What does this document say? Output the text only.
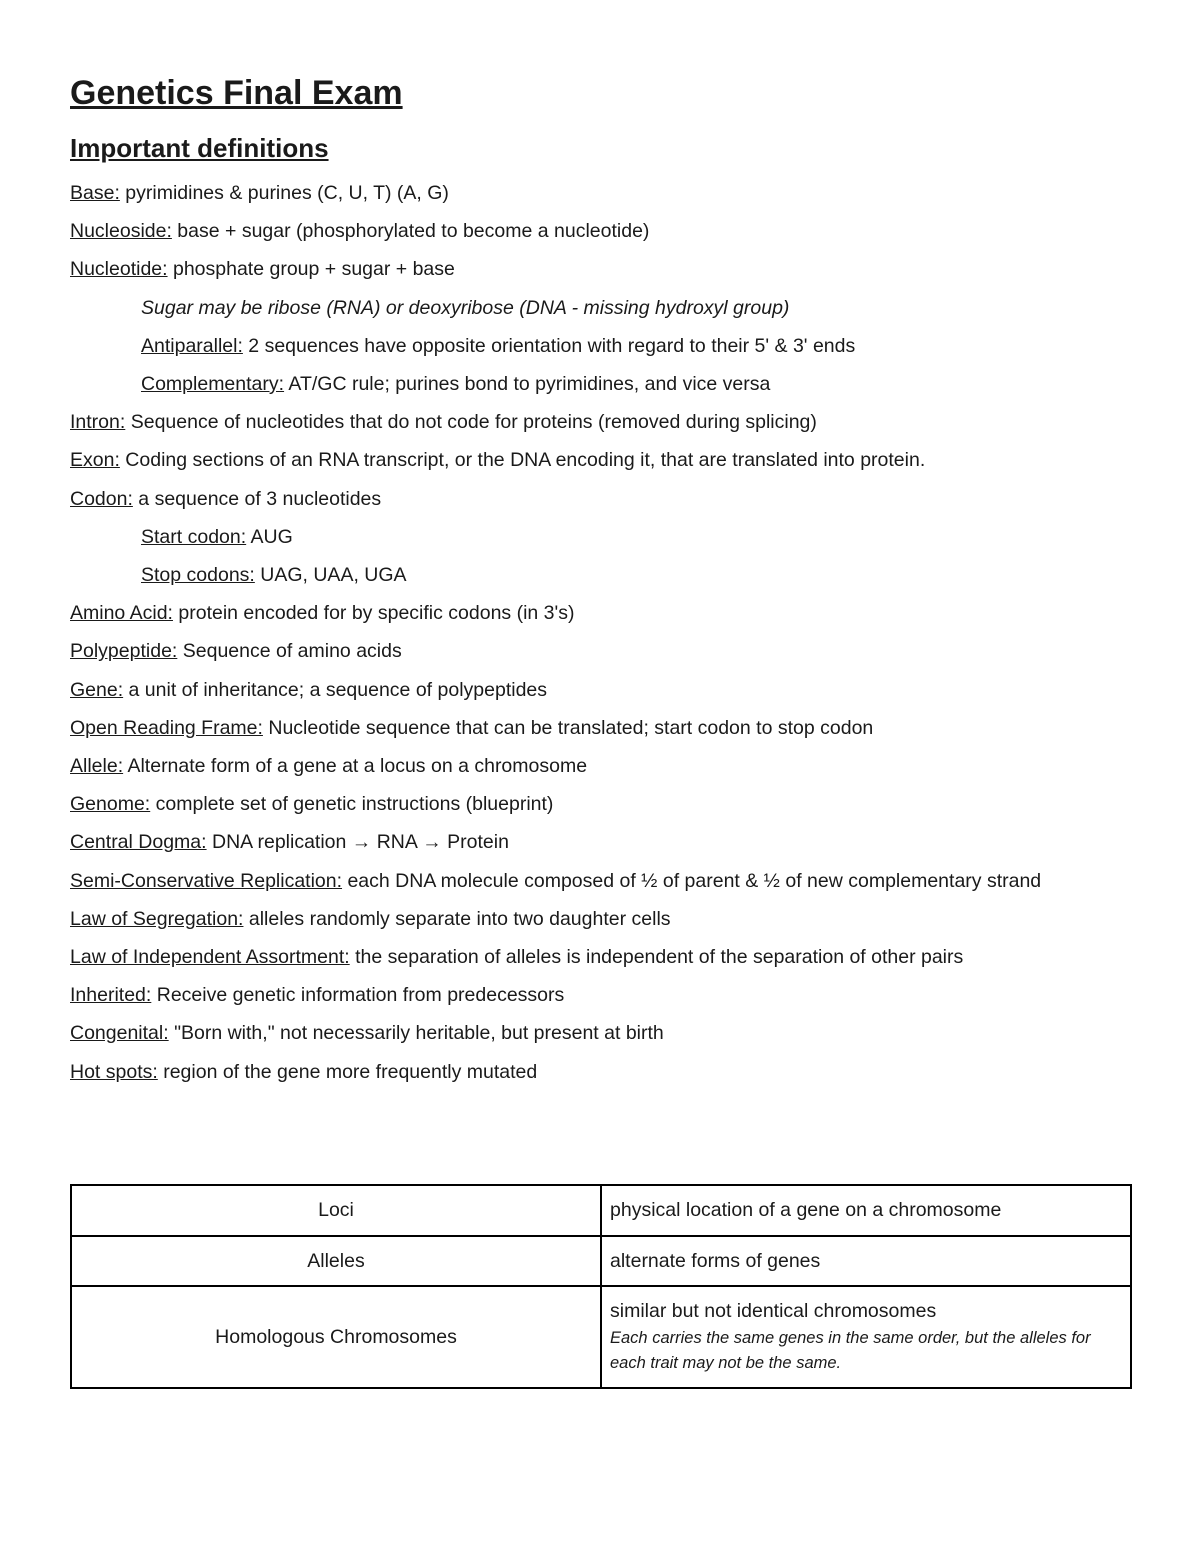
Genetics Final Exam
Important definitions
Base: pyrimidines & purines (C, U, T) (A, G)
Nucleoside: base + sugar (phosphorylated to become a nucleotide)
Nucleotide: phosphate group + sugar + base
Sugar may be ribose (RNA) or deoxyribose (DNA - missing hydroxyl group)
Antiparallel: 2 sequences have opposite orientation with regard to their 5' & 3' ends
Complementary: AT/GC rule; purines bond to pyrimidines, and vice versa
Intron: Sequence of nucleotides that do not code for proteins (removed during splicing)
Exon: Coding sections of an RNA transcript, or the DNA encoding it, that are translated into protein.
Codon: a sequence of 3 nucleotides
Start codon: AUG
Stop codons: UAG, UAA, UGA
Amino Acid: protein encoded for by specific codons (in 3's)
Polypeptide: Sequence of amino acids
Gene: a unit of inheritance; a sequence of polypeptides
Open Reading Frame: Nucleotide sequence that can be translated; start codon to stop codon
Allele: Alternate form of a gene at a locus on a chromosome
Genome: complete set of genetic instructions (blueprint)
Central Dogma: DNA replication → RNA → Protein
Semi-Conservative Replication: each DNA molecule composed of ½ of parent & ½ of new complementary strand
Law of Segregation: alleles randomly separate into two daughter cells
Law of Independent Assortment: the separation of alleles is independent of the separation of other pairs
Inherited: Receive genetic information from predecessors
Congenital: "Born with," not necessarily heritable, but present at birth
Hot spots: region of the gene more frequently mutated
Loci	physical location of a gene on a chromosome
Alleles	alternate forms of genes
Homologous Chromosomes	similar but not identical chromosomes
Each carries the same genes in the same order, but the alleles for each trait may not be the same.
